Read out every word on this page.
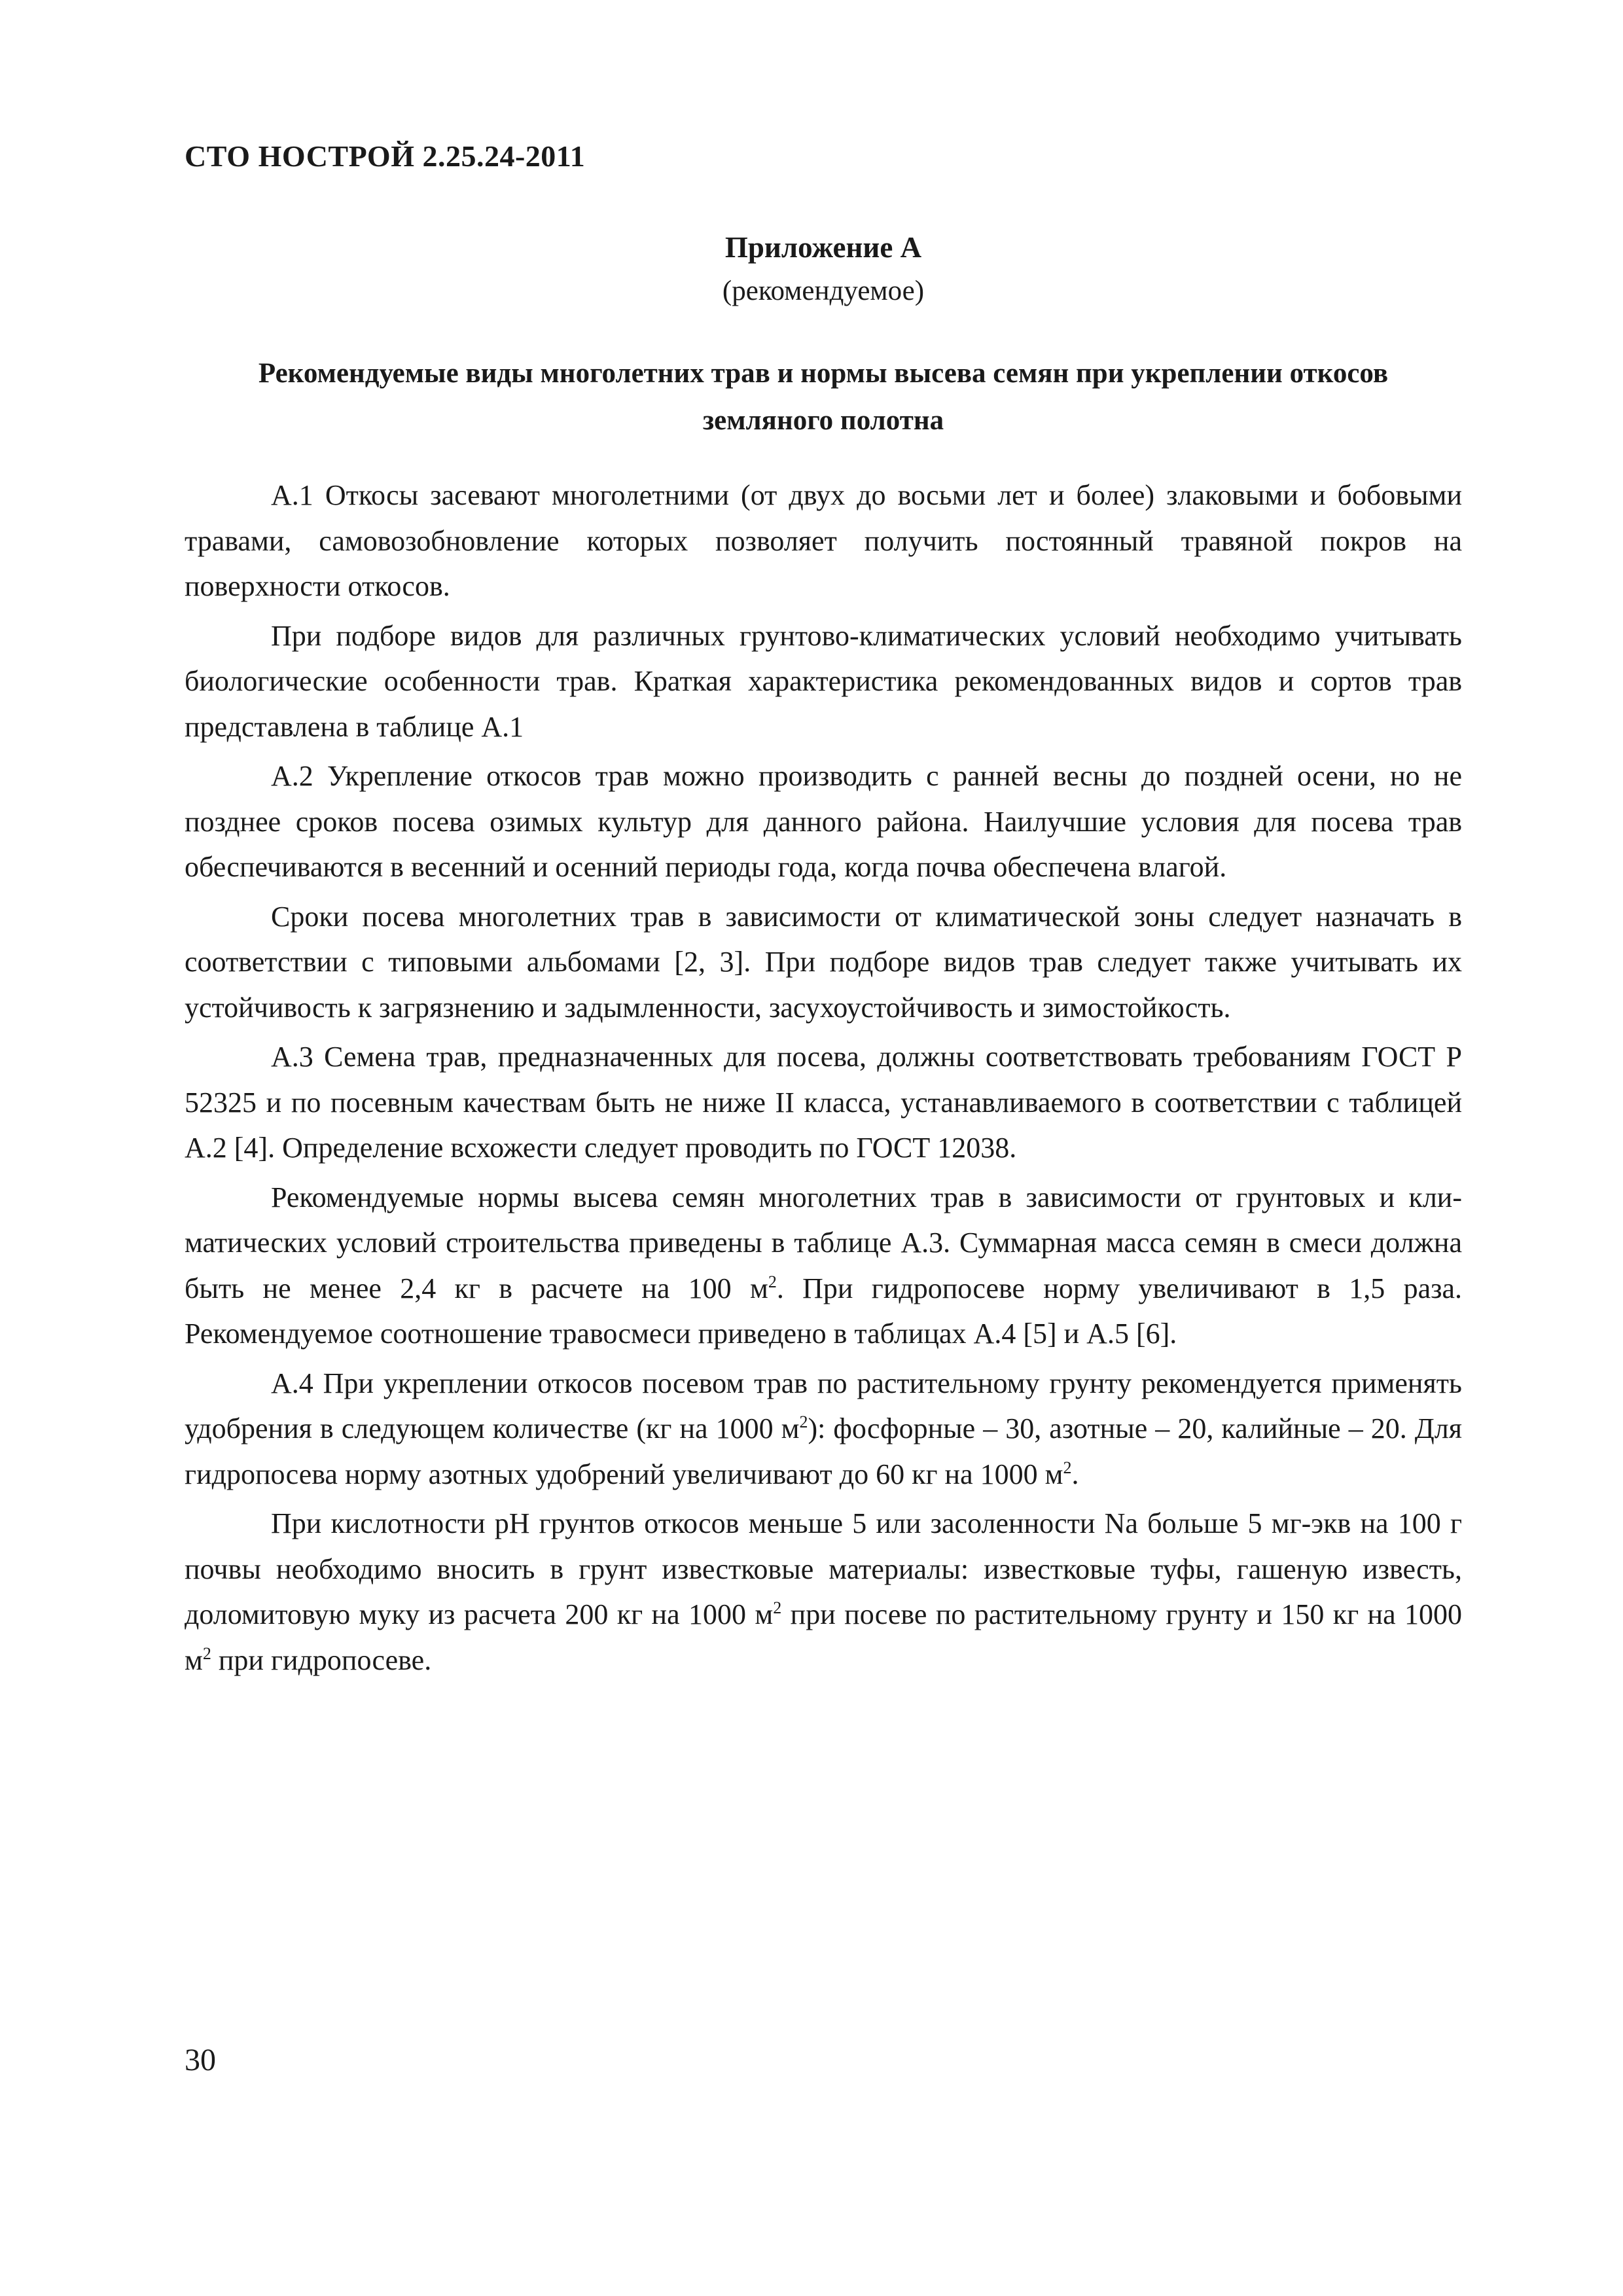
СТО НОСТРОЙ 2.25.24-2011
Приложение А
(рекомендуемое)
Рекомендуемые виды многолетних трав и нормы высева семян при укреплении откосов
земляного полотна

А.1 Откосы засевают многолетними (от двух до восьми лет и более) злаковыми и бобовыми травами, самовозобновление которых позволяет получить постоянный травяной покров на поверхности откосов.

При подборе видов для различных грунтово-климатических условий необходимо учитывать биологические особенности трав. Краткая характеристика рекомендованных видов и сортов трав представлена в таблице А.1

А.2 Укрепление откосов трав можно производить с ранней весны до поздней осени, но не позднее сроков посева озимых культур для данного района. Наилучшие условия для посева трав обеспечиваются в весенний и осенний периоды года, когда почва обеспечена влагой.

Сроки посева многолетних трав в зависимости от климатической зоны следует назначать в соответствии с типовыми альбомами [2, 3]. При подборе видов трав следует также учитывать их устойчивость к загрязнению и задымленности, засухоустойчивость и зимостойкость.

А.3 Семена трав, предназначенных для посева, должны соответствовать требованиям ГОСТ Р 52325 и по посевным качествам быть не ниже II класса, устанавливаемого в соответствии с таблицей А.2 [4]. Определение всхожести следует проводить по ГОСТ 12038.

Рекомендуемые нормы высева семян многолетних трав в зависимости от грунтовых и климатических условий строительства приведены в таблице А.3. Суммарная масса семян в смеси должна быть не менее 2,4 кг в расчете на 100 $м^2$. При гидропосеве норму увеличивают в 1,5 раза. Рекомендуемое соотношение травосмеси приведено в таблицах А.4 [5] и А.5 [6].

А.4 При укреплении откосов посевом трав по растительному грунту рекомендуется применять удобрения в следующем количестве (кг на 1000 $м^2$): фосфорные – 30, азотные – 20, калийные – 20. Для гидропосева норму азотных удобрений увеличивают до 60 кг на 1000 $м^2$.

При кислотности pH грунтов откосов меньше 5 или засоленности Na больше 5 мг-экв на 100 г почвы необходимо вносить в грунт известковые материалы: известковые туфы, гашеную известь, доломитовую муку из расчета 200 кг на 1000 $м^2$ при посеве по растительному грунту и 150 кг на 1000 $м^2$ при гидропосеве.

30
